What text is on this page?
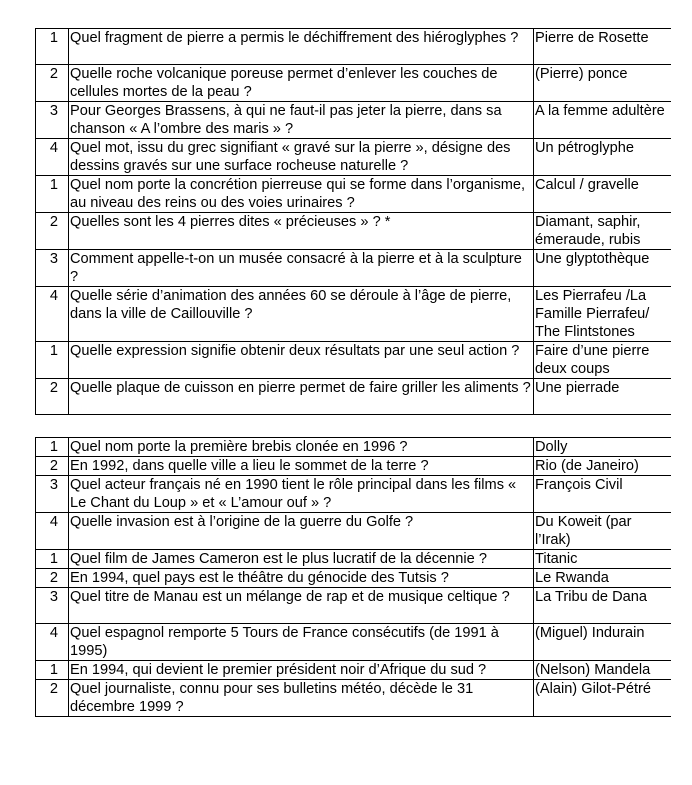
1	Quel fragment de pierre a permis le déchiffrement des hiéroglyphes ?	Pierre de Rosette
2	Quelle roche volcanique poreuse permet d’enlever les couches de cellules mortes de la peau ?	(Pierre) ponce
3	Pour Georges Brassens, à qui ne faut-il pas jeter la pierre, dans sa chanson « A l’ombre des maris » ?	A la femme adultère
4	Quel mot, issu du grec signifiant « gravé sur la pierre », désigne des dessins gravés sur une surface rocheuse naturelle ?	Un pétroglyphe
1	Quel nom porte la concrétion pierreuse qui se forme dans l’organisme, au niveau des reins ou des voies urinaires ?	Calcul / gravelle
2	Quelles sont les 4 pierres dites « précieuses » ? *	Diamant, saphir, émeraude, rubis
3	Comment appelle-t-on un musée consacré à la pierre et à la sculpture ?	Une glyptothèque
4	Quelle série d’animation des années 60 se déroule à l’âge de pierre, dans la ville de Caillouville ?	Les Pierrafeu /La Famille Pierrafeu/ The Flintstones
1	Quelle expression signifie obtenir deux résultats par une seul action ?	Faire d’une pierre deux coups
2	Quelle plaque de cuisson en pierre permet de faire griller les aliments ?	Une pierrade
1	Quel nom porte la première brebis clonée en 1996 ?	Dolly
2	En 1992, dans quelle ville a lieu le sommet de la terre ?	Rio (de Janeiro)
3	Quel acteur français né en 1990 tient le rôle principal dans les films « Le Chant du Loup » et « L’amour ouf » ?	François Civil
4	Quelle invasion est à l’origine de la guerre du Golfe ?	Du Koweit (par l’Irak)
1	Quel film de James Cameron est le plus lucratif de la décennie ?	Titanic
2	En 1994, quel pays est le théâtre du génocide des Tutsis ?	Le Rwanda
3	Quel titre de Manau est un mélange de rap et de musique celtique ?	La Tribu de Dana
4	Quel espagnol remporte 5 Tours de France consécutifs (de 1991 à 1995)	(Miguel) Indurain
1	En 1994, qui devient le premier président noir d’Afrique du sud ?	(Nelson) Mandela
2	Quel journaliste, connu pour ses bulletins météo, décède le 31 décembre 1999 ?	(Alain) Gilot-Pétré
